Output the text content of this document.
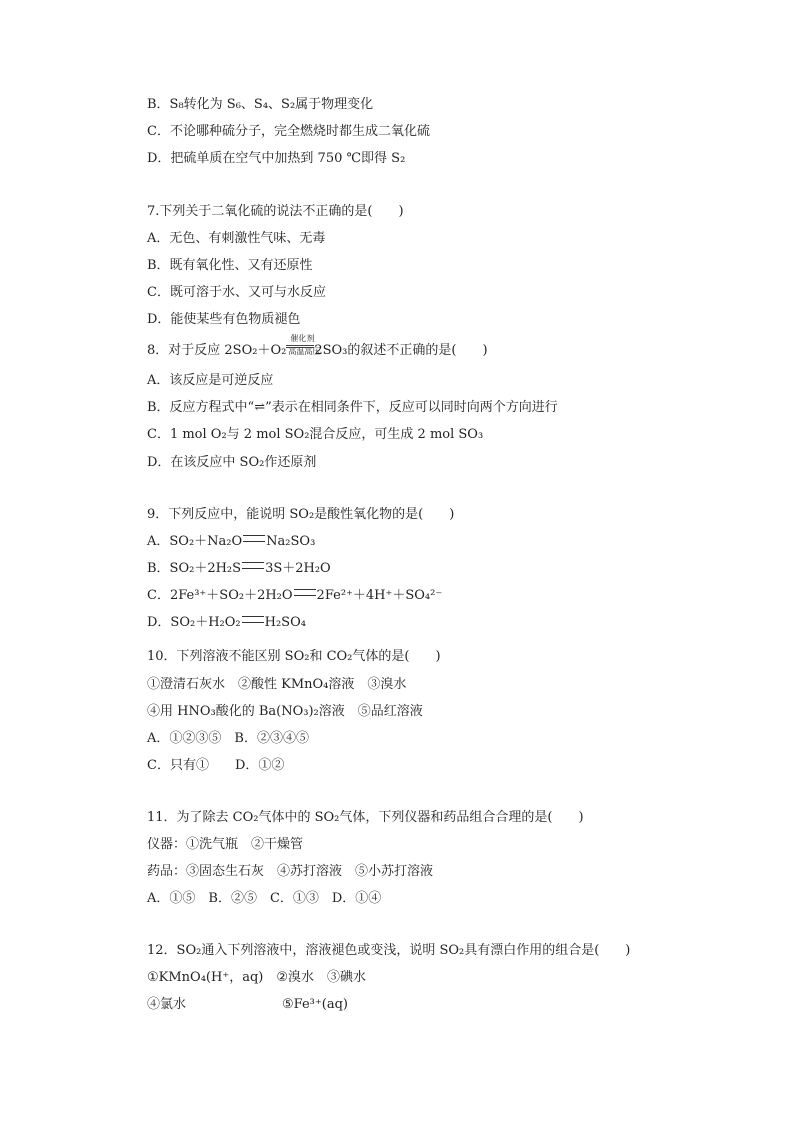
B．S₈转化为 S₆、S₄、S₂属于物理变化
C．不论哪种硫分子，完全燃烧时都生成二氧化硫
D．把硫单质在空气中加热到 750 ℃即得 S₂
7.下列关于二氧化硫的说法不正确的是(　　)
A．无色、有刺激性气味、无毒
B．既有氧化性、又有还原性
C．既可溶于水、又可与水反应
D．能使某些有色物质褪色
8．对于反应 2SO₂＋O₂
催化剂
高温高压
2SO₃的叙述不正确的是(　　)
A．该反应是可逆反应
B．反应方程式中“⇌”表示在相同条件下，反应可以同时向两个方向进行
C．1 mol O₂与 2 mol SO₂混合反应，可生成 2 mol SO₃
D．在该反应中 SO₂作还原剂
9．下列反应中，能说明 SO₂是酸性氧化物的是(　　)
A．SO₂＋Na₂O Na₂SO₃
B．SO₂＋2H₂S 3S＋2H₂O
C．2Fe³⁺＋SO₂＋2H₂O 2Fe²⁺＋4H⁺＋SO₄²⁻
D．SO₂＋H₂O₂ H₂SO₄
10．下列溶液不能区别 SO₂和 CO₂气体的是(　　)
①澄清石灰水　②酸性 KMnO₄溶液　③溴水
④用 HNO₃酸化的 Ba(NO₃)₂溶液　⑤品红溶液
A．①②③⑤　B．②③④⑤
C．只有①　　D．①②
11．为了除去 CO₂气体中的 SO₂气体，下列仪器和药品组合合理的是(　　)
仪器：①洗气瓶　②干燥管
药品：③固态生石灰　④苏打溶液　⑤小苏打溶液
A．①⑤　B．②⑤　C．①③　D．①④
12．SO₂通入下列溶液中，溶液褪色或变浅，说明 SO₂具有漂白作用的组合是(　　)
①KMnO₄(H⁺，aq)　②溴水　③碘水
④氯水	⑤Fe³⁺(aq)
